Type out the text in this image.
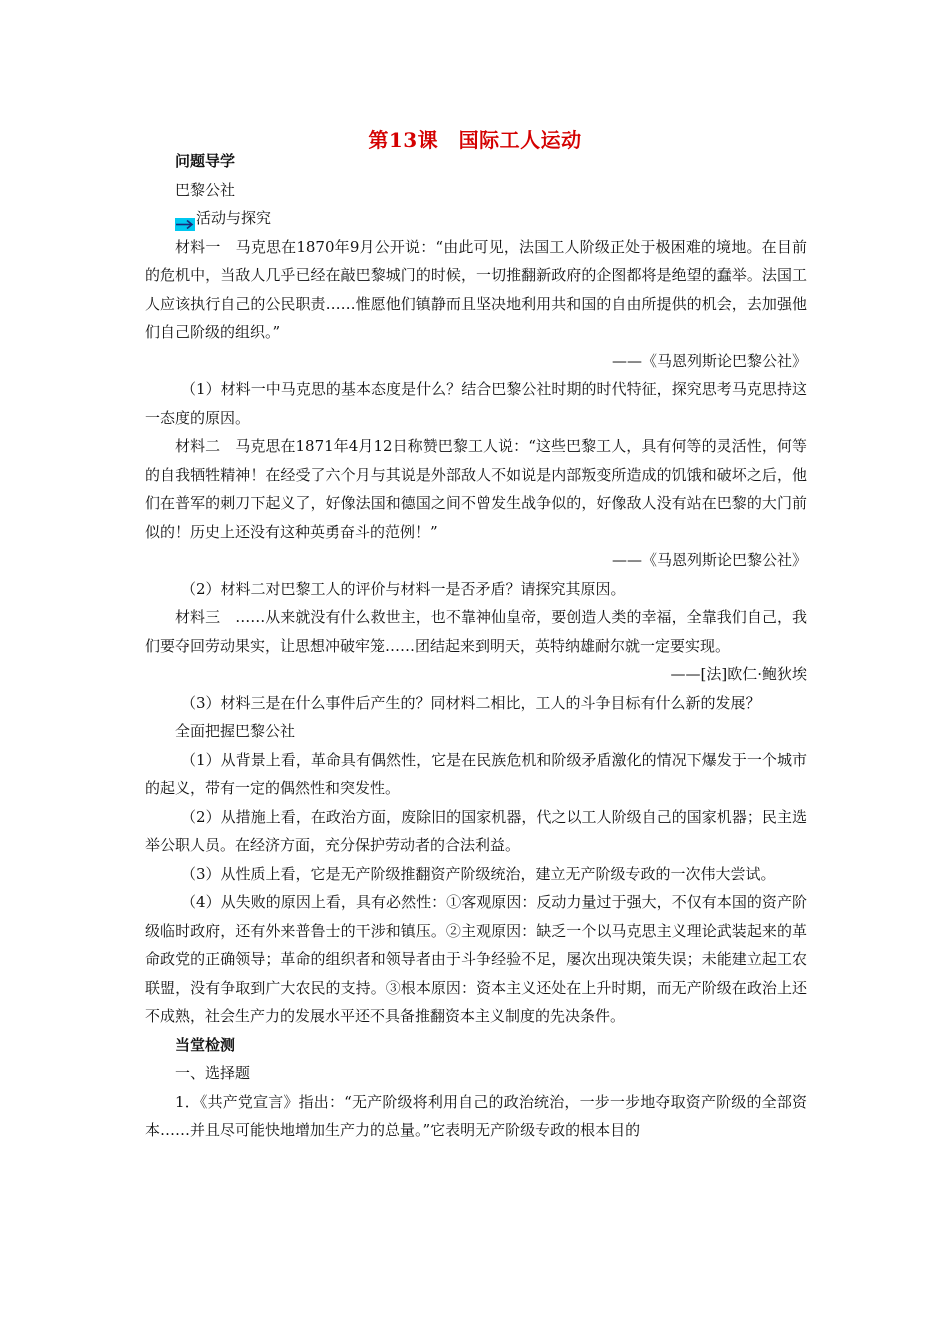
第13课　国际工人运动

问题导学

巴黎公社

活动与探究

材料一　马克思在1870年9月公开说：“由此可见，法国工人阶级正处于极困难的境地。在目前的危机中，当敌人几乎已经在敲巴黎城门的时候，一切推翻新政府的企图都将是绝望的蠢举。法国工人应该执行自己的公民职责……惟愿他们镇静而且坚决地利用共和国的自由所提供的机会，去加强他们自己阶级的组织。”

——《马恩列斯论巴黎公社》

（1）材料一中马克思的基本态度是什么？结合巴黎公社时期的时代特征，探究思考马克思持这一态度的原因。

材料二　马克思在1871年4月12日称赞巴黎工人说：“这些巴黎工人，具有何等的灵活性，何等的自我牺牲精神！在经受了六个月与其说是外部敌人不如说是内部叛变所造成的饥饿和破坏之后，他们在普军的刺刀下起义了，好像法国和德国之间不曾发生战争似的，好像敌人没有站在巴黎的大门前似的！历史上还没有这种英勇奋斗的范例！”

——《马恩列斯论巴黎公社》

（2）材料二对巴黎工人的评价与材料一是否矛盾？请探究其原因。

材料三　……从来就没有什么救世主，也不靠神仙皇帝，要创造人类的幸福，全靠我们自己，我们要夺回劳动果实，让思想冲破牢笼……团结起来到明天，英特纳雄耐尔就一定要实现。

——[法]欧仁·鲍狄埃

（3）材料三是在什么事件后产生的？同材料二相比，工人的斗争目标有什么新的发展？

全面把握巴黎公社

（1）从背景上看，革命具有偶然性，它是在民族危机和阶级矛盾激化的情况下爆发于一个城市的起义，带有一定的偶然性和突发性。

（2）从措施上看，在政治方面，废除旧的国家机器，代之以工人阶级自己的国家机器；民主选举公职人员。在经济方面，充分保护劳动者的合法利益。

（3）从性质上看，它是无产阶级推翻资产阶级统治，建立无产阶级专政的一次伟大尝试。

（4）从失败的原因上看，具有必然性：①客观原因：反动力量过于强大，不仅有本国的资产阶级临时政府，还有外来普鲁士的干涉和镇压。②主观原因：缺乏一个以马克思主义理论武装起来的革命政党的正确领导；革命的组织者和领导者由于斗争经验不足，屡次出现决策失误；未能建立起工农联盟，没有争取到广大农民的支持。③根本原因：资本主义还处在上升时期，而无产阶级在政治上还不成熟，社会生产力的发展水平还不具备推翻资本主义制度的先决条件。

当堂检测

一、选择题

1．《共产党宣言》指出：“无产阶级将利用自己的政治统治，一步一步地夺取资产阶级的全部资本……并且尽可能快地增加生产力的总量。”它表明无产阶级专政的根本目的
